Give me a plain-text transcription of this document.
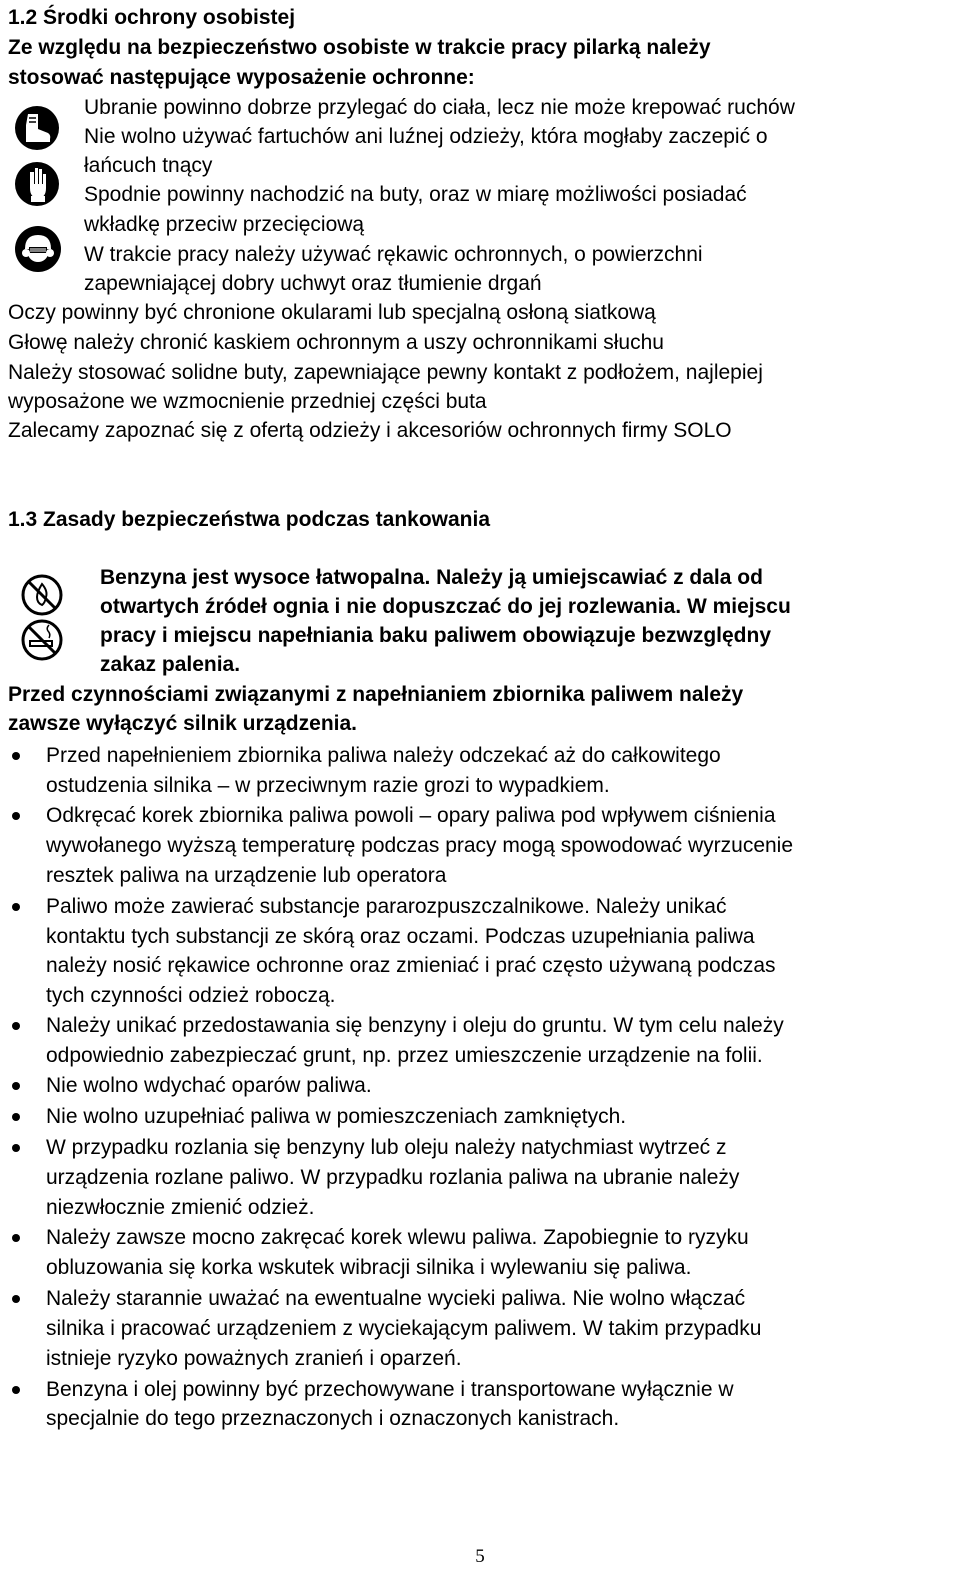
1.2 Środki ochrony osobistej
Ze względu na bezpieczeństwo osobiste w trakcie pracy pilarką należy
stosować następujące wyposażenie ochronne:
Ubranie powinno dobrze przylegać do ciała, lecz nie może krepować ruchów
Nie wolno używać fartuchów ani luźnej odzieży, która mogłaby zaczepić o
łańcuch tnący
Spodnie powinny nachodzić na buty, oraz w miarę możliwości posiadać
wkładkę przeciw przecięciową
W trakcie pracy należy używać rękawic ochronnych, o powierzchni
zapewniającej dobry uchwyt oraz tłumienie drgań
Oczy powinny być chronione okularami lub specjalną osłoną siatkową
Głowę należy chronić kaskiem ochronnym a uszy ochronnikami słuchu
Należy stosować solidne buty, zapewniające pewny kontakt z podłożem, najlepiej
wyposażone we wzmocnienie przedniej części buta
Zalecamy zapoznać się z ofertą odzieży i akcesoriów ochronnych firmy SOLO
1.3 Zasady bezpieczeństwa podczas tankowania
Benzyna jest wysoce łatwopalna. Należy ją umiejscawiać z dala od
otwartych źródeł ognia i nie dopuszczać do jej rozlewania. W miejscu
pracy i miejscu napełniania baku paliwem obowiązuje bezwzględny
zakaz palenia.
Przed czynnościami związanymi z napełnianiem zbiornika paliwem należy
zawsze wyłączyć silnik urządzenia.
Przed napełnieniem zbiornika paliwa należy odczekać aż do całkowitego
ostudzenia silnika – w przeciwnym razie grozi to wypadkiem.
Odkręcać korek zbiornika paliwa powoli – opary paliwa pod wpływem ciśnienia
wywołanego wyższą temperaturę podczas pracy mogą spowodować wyrzucenie
resztek paliwa na urządzenie lub operatora
Paliwo może zawierać substancje pararozpuszczalnikowe. Należy unikać
kontaktu tych substancji ze skórą oraz oczami. Podczas uzupełniania paliwa
należy nosić rękawice ochronne oraz zmieniać i prać często używaną podczas
tych czynności odzież roboczą.
Należy unikać przedostawania się benzyny i oleju do gruntu. W tym celu należy
odpowiednio zabezpieczać grunt, np. przez umieszczenie urządzenie na folii.
Nie wolno wdychać oparów paliwa.
Nie wolno uzupełniać paliwa w pomieszczeniach zamkniętych.
W przypadku rozlania się benzyny lub oleju należy natychmiast wytrzeć z
urządzenia rozlane paliwo. W przypadku rozlania paliwa na ubranie należy
niezwłocznie zmienić odzież.
Należy zawsze mocno zakręcać korek wlewu paliwa. Zapobiegnie to ryzyku
obluzowania się korka wskutek wibracji silnika i wylewaniu się paliwa.
Należy starannie uważać na ewentualne wycieki paliwa. Nie wolno włączać
silnika i pracować urządzeniem z wyciekającym paliwem. W takim przypadku
istnieje ryzyko poważnych zranień i oparzeń.
Benzyna i olej powinny być przechowywane i transportowane wyłącznie w
specjalnie do tego przeznaczonych i oznaczonych kanistrach.
5
